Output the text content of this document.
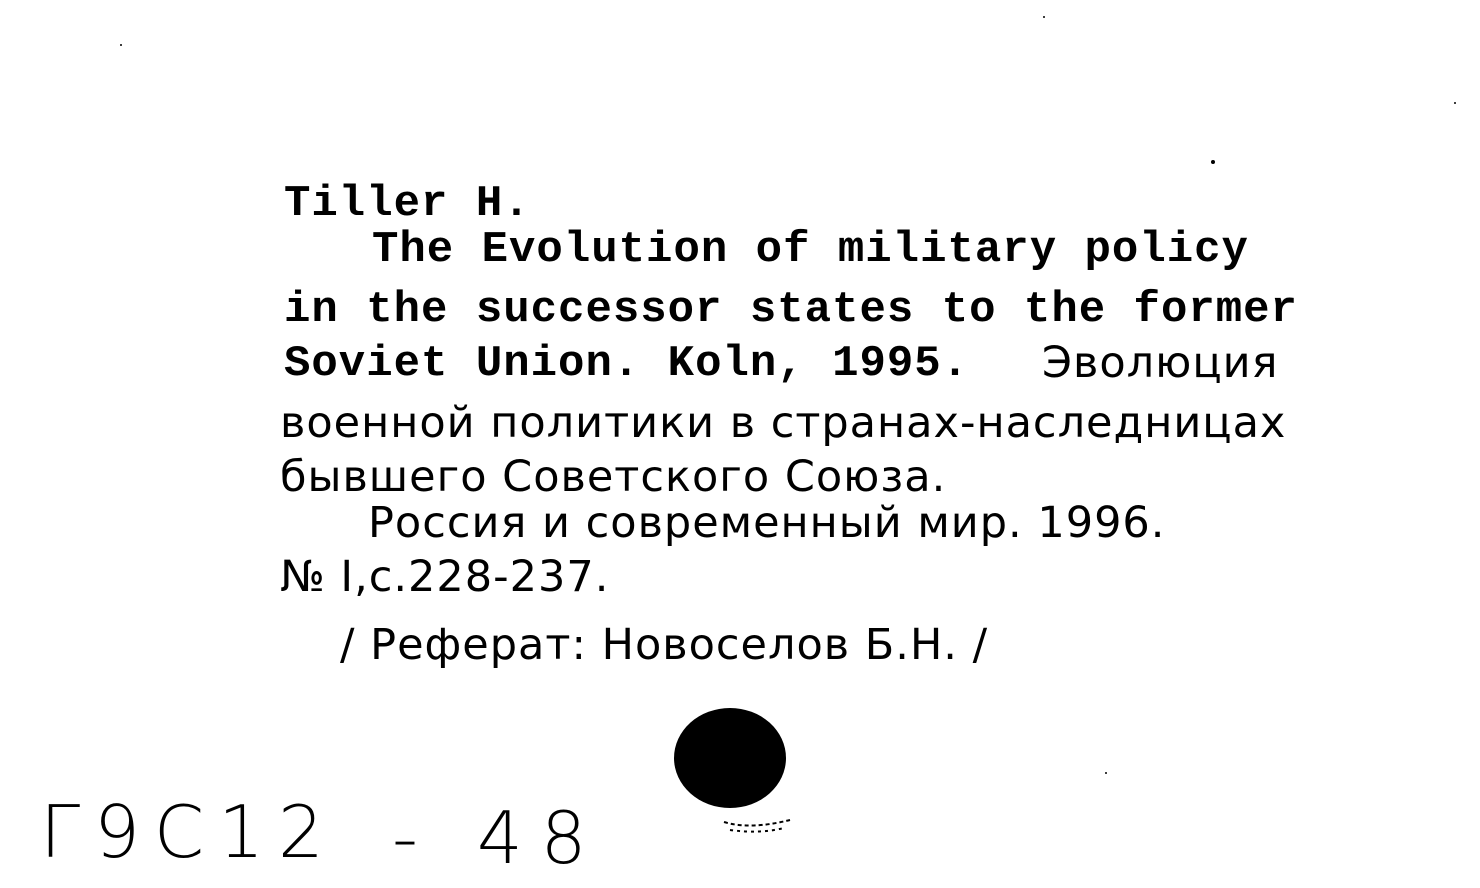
Tiller H.
The Evolution of military policy
in the successor states to the former
Soviet Union. Koln, 1995. Эволюция
военной политики в странах-наследницах
бывшего Советского Союза.
Россия и современный мир. 1996.
№ I,с.228-237.
/ Реферат: Новоселов Б.Н. /
Г9С12 - 48
